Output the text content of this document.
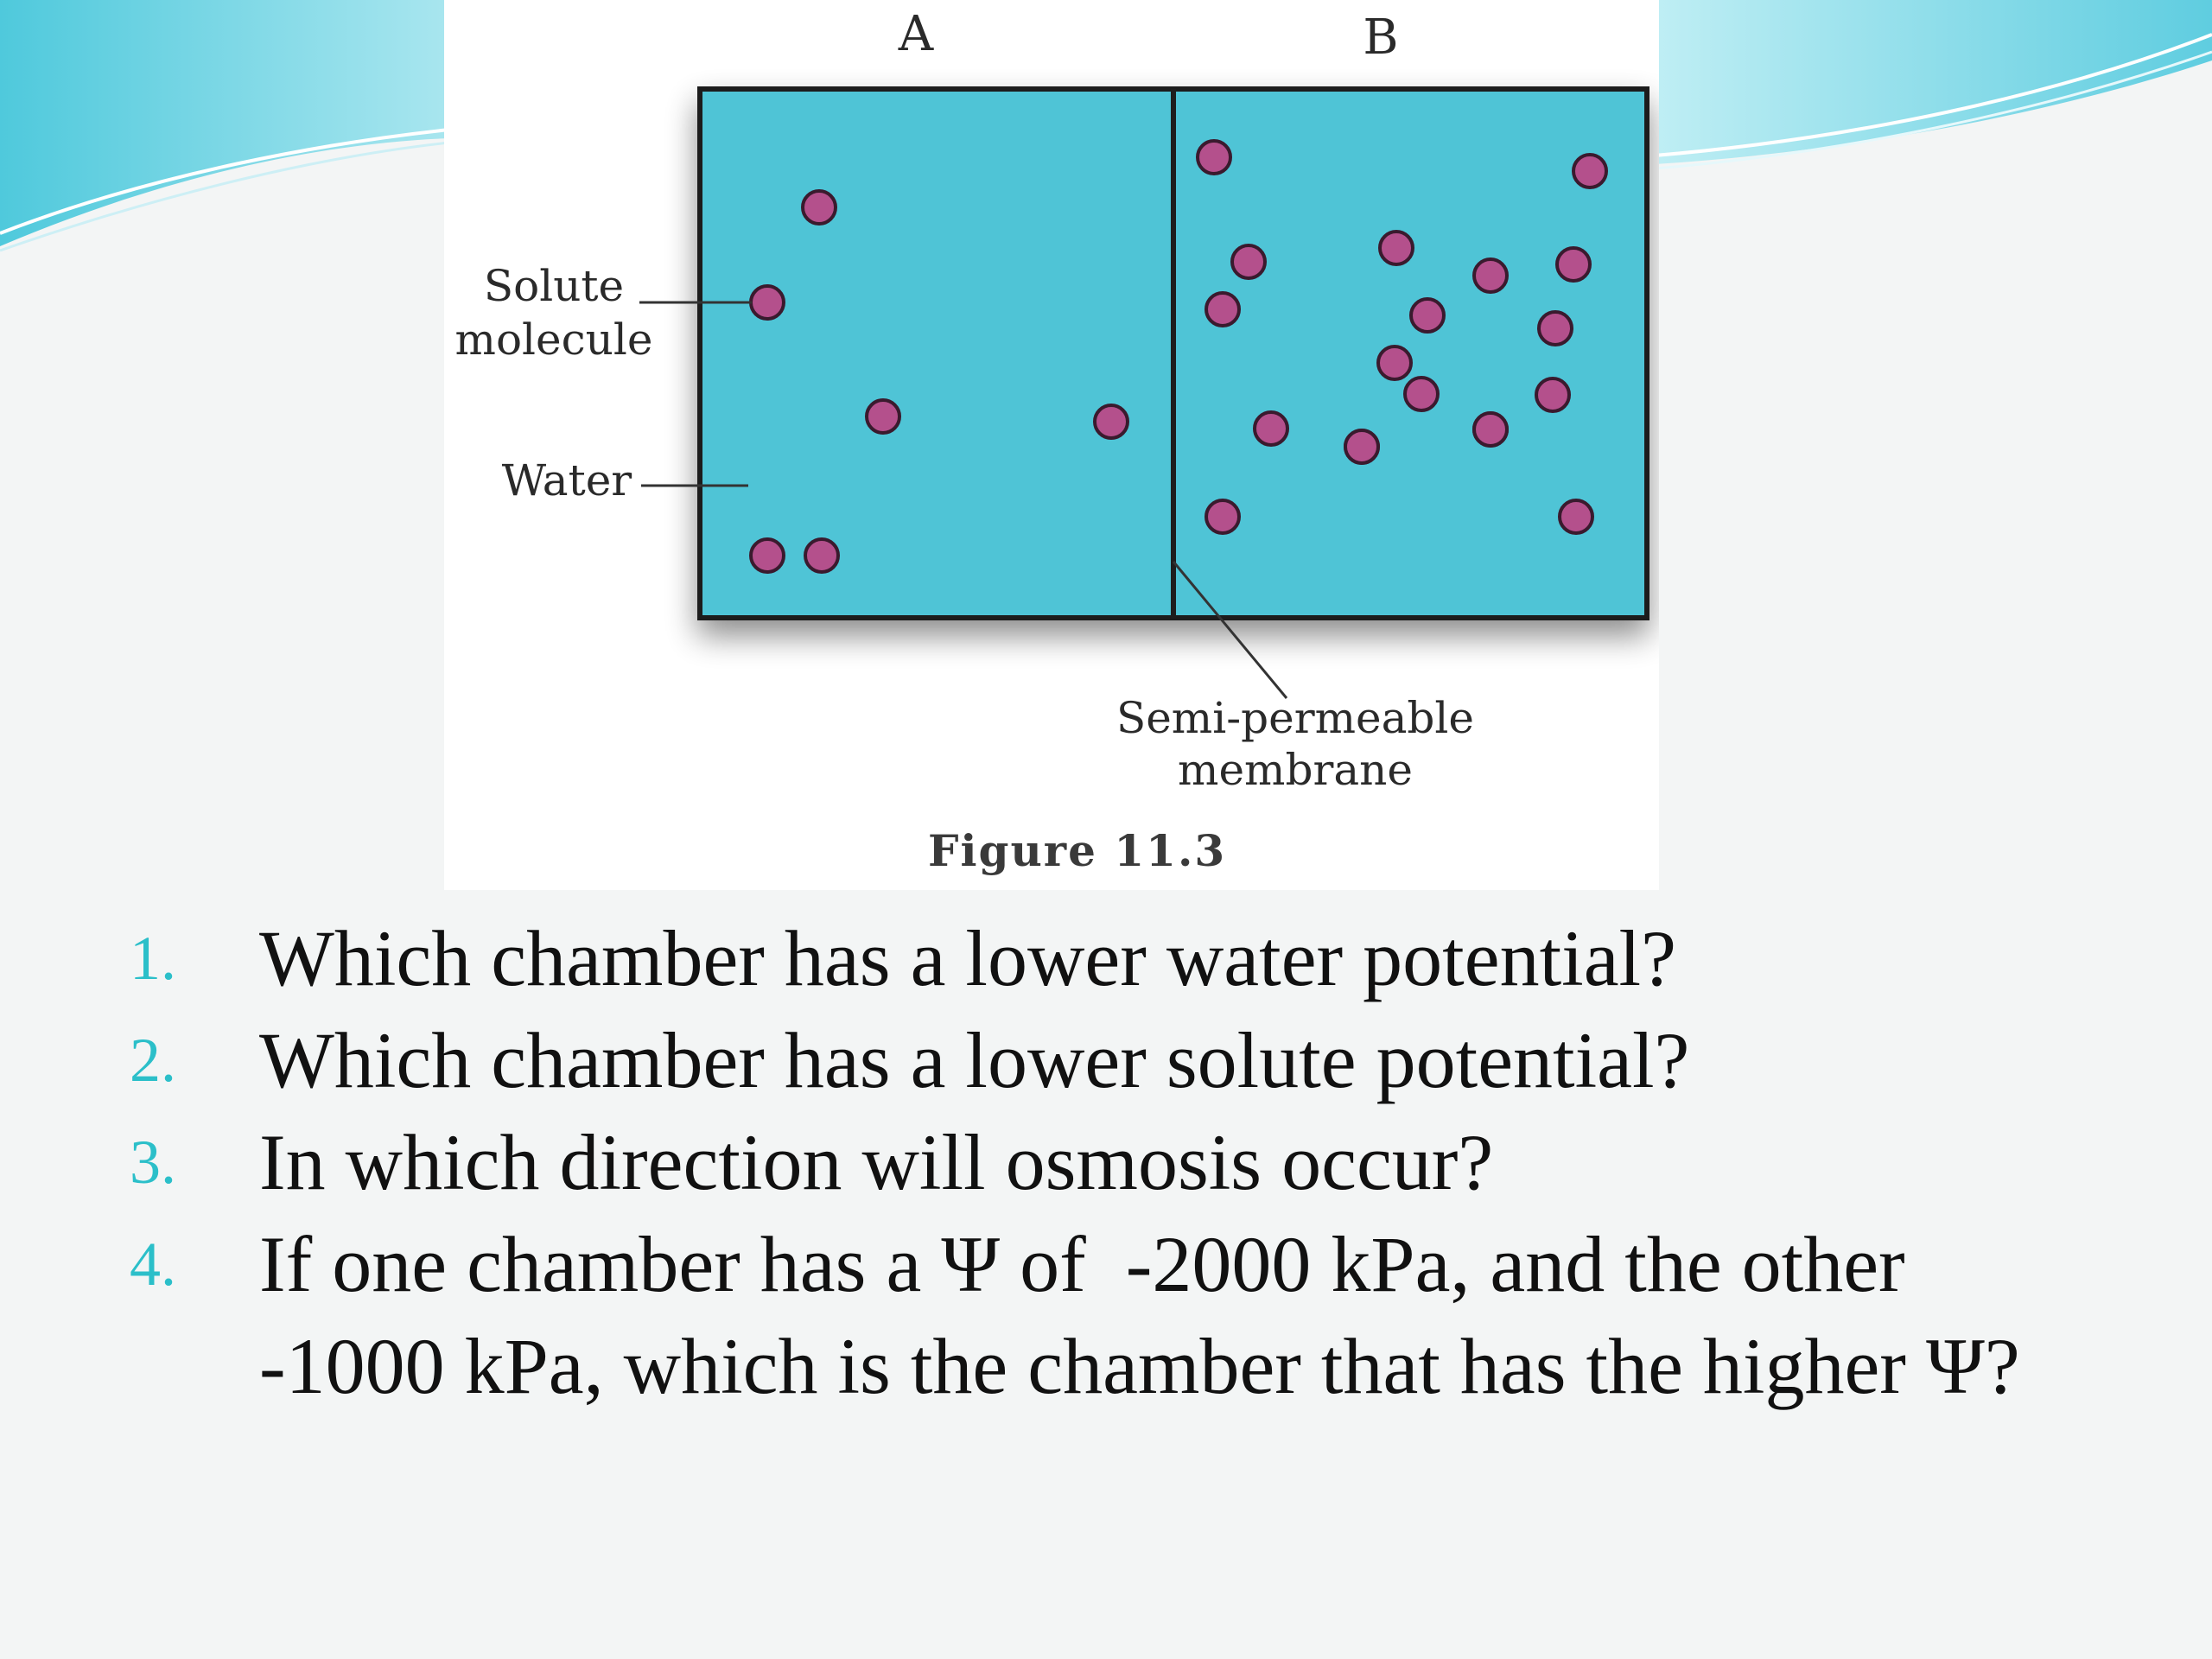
A	B
Solute
molecule
Water
Semi-permeable
membrane
Figure 11.3
1.	Which chamber has a lower water potential?
2.	Which chamber has a lower solute potential?
3.	In which direction will osmosis occur?
4.	If one chamber has a Ψ of  -2000 kPa, and the other  -1000 kPa, which is the chamber that has the higher Ψ?
